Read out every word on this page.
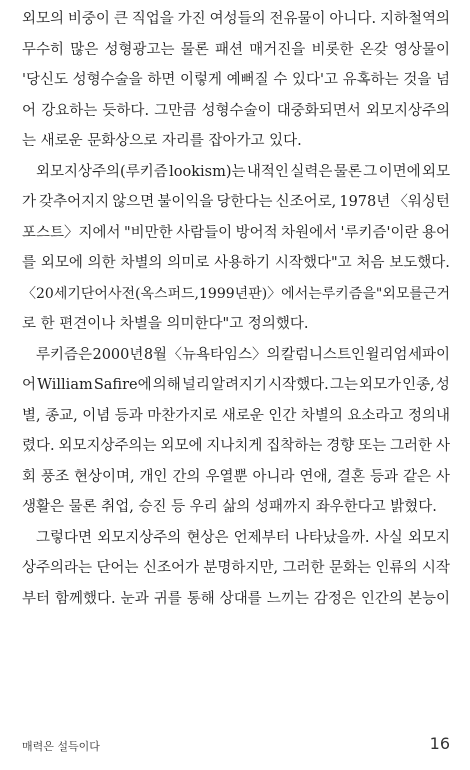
외모의 비중이 큰 직업을 가진 여성들의 전유물이 아니다. 지하철역의
무수히 많은 성형광고는 물론 패션 매거진을 비롯한 온갖 영상물이
'당신도 성형수술을 하면 이렇게 예뻐질 수 있다'고 유혹하는 것을 넘
어 강요하는 듯하다. 그만큼 성형수술이 대중화되면서 외모지상주의
는 새로운 문화상으로 자리를 잡아가고 있다.
외모지상주의(루키즘 lookism)는 내적인 실력은 물론 그 이면에 외모
가 갖추어지지 않으면 불이익을 당한다는 신조어로, 1978년 〈워싱턴
포스트〉지에서 "비만한 사람들이 방어적 차원에서 '루키즘'이란 용어
를 외모에 의한 차별의 의미로 사용하기 시작했다"고 처음 보도했다.
〈20세기 단어사전(옥스퍼드, 1999년 판)〉에서는 루키즘을 "외모를 근거
로 한 편견이나 차별을 의미한다"고 정의했다.
루키즘은 2000년 8월 〈뉴욕타임스〉의 칼럼니스트인 윌리엄 세파이
어 William Safire에 의해 널리 알려지기 시작했다. 그는 외모가 인종, 성
별, 종교, 이념 등과 마찬가지로 새로운 인간 차별의 요소라고 정의내
렸다. 외모지상주의는 외모에 지나치게 집착하는 경향 또는 그러한 사
회 풍조 현상이며, 개인 간의 우열뿐 아니라 연애, 결혼 등과 같은 사
생활은 물론 취업, 승진 등 우리 삶의 성패까지 좌우한다고 밝혔다.
그렇다면 외모지상주의 현상은 언제부터 나타났을까. 사실 외모지
상주의라는 단어는 신조어가 분명하지만, 그러한 문화는 인류의 시작
부터 함께했다. 눈과 귀를 통해 상대를 느끼는 감정은 인간의 본능이
매력은 설득이다	16
